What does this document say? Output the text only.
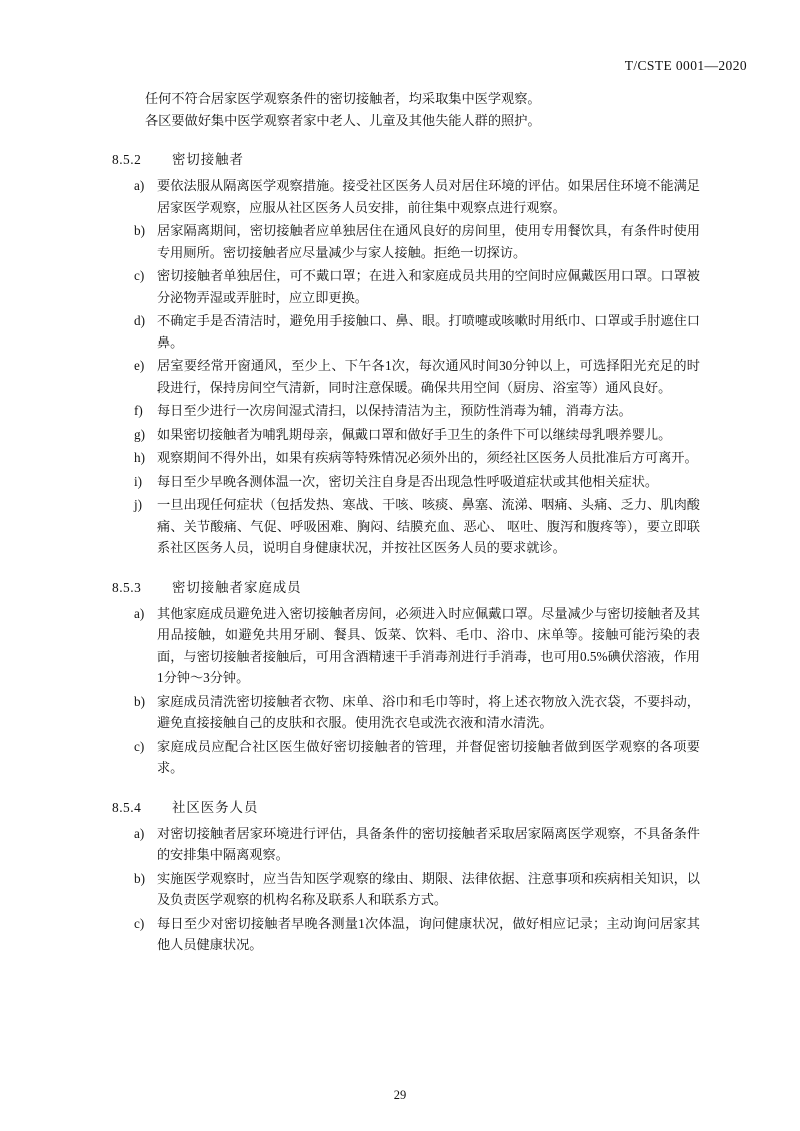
T/CSTE 0001—2020

任何不符合居家医学观察条件的密切接触者，均采取集中医学观察。

各区要做好集中医学观察者家中老人、儿童及其他失能人群的照护。

8.5.2	密切接触者
a) 要依法服从隔离医学观察措施。接受社区医务人员对居住环境的评估。如果居住环境不能满足居家医学观察，应服从社区医务人员安排，前往集中观察点进行观察。
b) 居家隔离期间，密切接触者应单独居住在通风良好的房间里，使用专用餐饮具，有条件时使用专用厕所。密切接触者应尽量减少与家人接触。拒绝一切探访。
c) 密切接触者单独居住，可不戴口罩；在进入和家庭成员共用的空间时应佩戴医用口罩。口罩被分泌物弄湿或弄脏时，应立即更换。
d) 不确定手是否清洁时，避免用手接触口、鼻、眼。打喷嚏或咳嗽时用纸巾、口罩或手肘遮住口鼻。
e) 居室要经常开窗通风，至少上、下午各1次，每次通风时间30分钟以上，可选择阳光充足的时段进行，保持房间空气清新，同时注意保暖。确保共用空间（厨房、浴室等）通风良好。
f)	每日至少进行一次房间湿式清扫，以保持清洁为主，预防性消毒为辅，消毒方法。
g) 如果密切接触者为哺乳期母亲，佩戴口罩和做好手卫生的条件下可以继续母乳喂养婴儿。
h) 观察期间不得外出，如果有疾病等特殊情况必须外出的，须经社区医务人员批准后方可离开。
i)	每日至少早晚各测体温一次，密切关注自身是否出现急性呼吸道症状或其他相关症状。
j)	一旦出现任何症状（包括发热、寒战、干咳、咳痰、鼻塞、流涕、咽痛、头痛、乏力、肌肉酸痛、关节酸痛、气促、呼吸困难、胸闷、结膜充血、恶心、 呕吐、腹泻和腹疼等），要立即联系社区医务人员，说明自身健康状况，并按社区医务人员的要求就诊。
8.5.3	密切接触者家庭成员
a) 其他家庭成员避免进入密切接触者房间，必须进入时应佩戴口罩。尽量减少与密切接触者及其用品接触，如避免共用牙刷、餐具、饭菜、饮料、毛巾、浴巾、床单等。接触可能污染的表面，与密切接触者接触后，可用含酒精速干手消毒剂进行手消毒，也可用0.5%碘伏溶液，作用1分钟～3分钟。
b) 家庭成员清洗密切接触者衣物、床单、浴巾和毛巾等时，将上述衣物放入洗衣袋，不要抖动，避免直接接触自己的皮肤和衣服。使用洗衣皂或洗衣液和清水清洗。
c) 家庭成员应配合社区医生做好密切接触者的管理，并督促密切接触者做到医学观察的各项要求。
8.5.4	社区医务人员
a) 对密切接触者居家环境进行评估，具备条件的密切接触者采取居家隔离医学观察，不具备条件的安排集中隔离观察。
b) 实施医学观察时，应当告知医学观察的缘由、期限、法律依据、注意事项和疾病相关知识，以及负责医学观察的机构名称及联系人和联系方式。
c) 每日至少对密切接触者早晚各测量1次体温，询问健康状况，做好相应记录；主动询问居家其他人员健康状况。
29
